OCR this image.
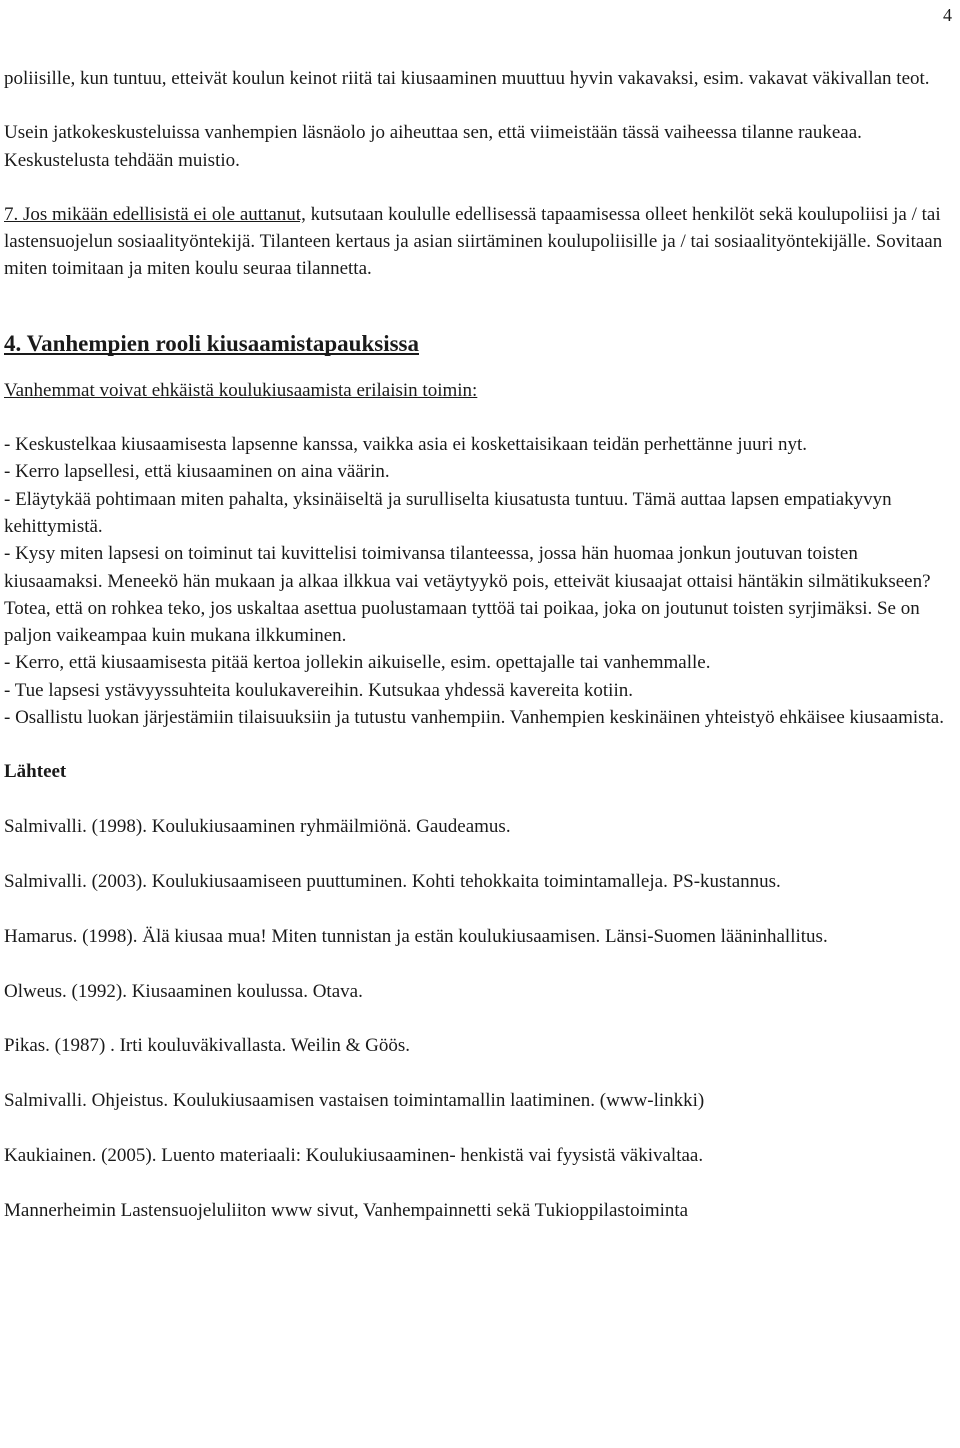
4

poliisille, kun tuntuu, etteivät koulun keinot riitä tai kiusaaminen muuttuu hyvin vakavaksi, esim. vakavat väkivallan teot.

Usein jatkokeskusteluissa vanhempien läsnäolo jo aiheuttaa sen, että viimeistään tässä vaiheessa tilanne raukeaa. Keskustelusta tehdään muistio.

7. Jos mikään edellisistä ei ole auttanut, kutsutaan koululle edellisessä tapaamisessa olleet henkilöt sekä koulupoliisi ja / tai lastensuojelun sosiaalityöntekijä. Tilanteen kertaus ja asian siirtäminen koulupoliisille ja / tai sosiaalityöntekijälle. Sovitaan miten toimitaan ja miten koulu seuraa tilannetta.

4. Vanhempien rooli kiusaamistapauksissa

Vanhemmat voivat ehkäistä koulukiusaamista erilaisin toimin:

- Keskustelkaa kiusaamisesta lapsenne kanssa, vaikka asia ei koskettaisikaan teidän perhettänne juuri nyt.

- Kerro lapsellesi, että kiusaaminen on aina väärin.

- Eläytykää pohtimaan miten pahalta, yksinäiseltä ja surulliselta kiusatusta tuntuu. Tämä auttaa lapsen empatiakyvyn kehittymistä.

- Kysy miten lapsesi on toiminut tai kuvittelisi toimivansa tilanteessa, jossa hän huomaa jonkun joutuvan toisten kiusaamaksi. Meneekö hän mukaan ja alkaa ilkkua vai vetäytyykö pois, etteivät kiusaajat ottaisi häntäkin silmätikukseen? Totea, että on rohkea teko, jos uskaltaa asettua puolustamaan tyttöä tai poikaa, joka on joutunut toisten syrjimäksi. Se on paljon vaikeampaa kuin mukana ilkkuminen.

- Kerro, että kiusaamisesta pitää kertoa jollekin aikuiselle, esim. opettajalle tai vanhemmalle.

- Tue lapsesi ystävyyssuhteita koulukavereihin. Kutsukaa yhdessä kavereita kotiin.

- Osallistu luokan järjestämiin tilaisuuksiin ja tutustu vanhempiin. Vanhempien keskinäinen yhteistyö ehkäisee kiusaamista.

Lähteet

Salmivalli. (1998). Koulukiusaaminen ryhmäilmiönä. Gaudeamus.

Salmivalli. (2003). Koulukiusaamiseen puuttuminen. Kohti tehokkaita toimintamalleja. PS-kustannus.

Hamarus. (1998). Älä kiusaa mua! Miten tunnistan ja estän koulukiusaamisen. Länsi-Suomen lääninhallitus.

Olweus. (1992). Kiusaaminen koulussa. Otava.

Pikas. (1987) . Irti kouluväkivallasta. Weilin & Göös.

Salmivalli. Ohjeistus. Koulukiusaamisen vastaisen toimintamallin laatiminen. (www-linkki)

Kaukiainen. (2005). Luento materiaali: Koulukiusaaminen- henkistä vai fyysistä väkivaltaa.

Mannerheimin Lastensuojeluliiton www sivut, Vanhempainnetti sekä Tukioppilastoiminta
